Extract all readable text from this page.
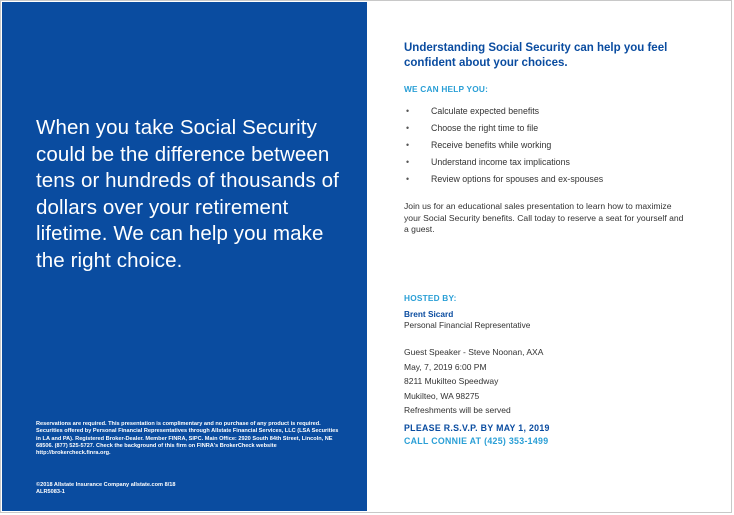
When you take Social Security could be the difference between tens or hundreds of thousands of dollars over your retirement lifetime. We can help you make the right choice.

Reservations are required. This presentation is complimentary and no purchase of any product is required. Securities offered by Personal Financial Representatives through Allstate Financial Services, LLC (LSA Securities in LA and PA). Registered Broker-Dealer. Member FINRA, SIPC. Main Office: 2920 South 84th Street, Lincoln, NE 68506. (877) 525-5727. Check the background of this firm on FINRA's BrokerCheck website http://brokercheck.finra.org.

©2018 Allstate Insurance Company allstate.com 8/18
ALR5083-1

Understanding Social Security can help you feel confident about your choices.

WE CAN HELP YOU:
• Calculate expected benefits
• Choose the right time to file
• Receive benefits while working
• Understand income tax implications
• Review options for spouses and ex-spouses

Join us for an educational sales presentation to learn how to maximize your Social Security benefits. Call today to reserve a seat for yourself and a guest.

HOSTED BY:
Brent Sicard
Personal Financial Representative
Guest Speaker - Steve Noonan, AXA
May, 7, 2019 6:00 PM
8211 Mukilteo Speedway
Mukilteo, WA 98275
Refreshments will be served
PLEASE R.S.V.P. BY MAY 1, 2019
CALL CONNIE AT (425) 353-1499
